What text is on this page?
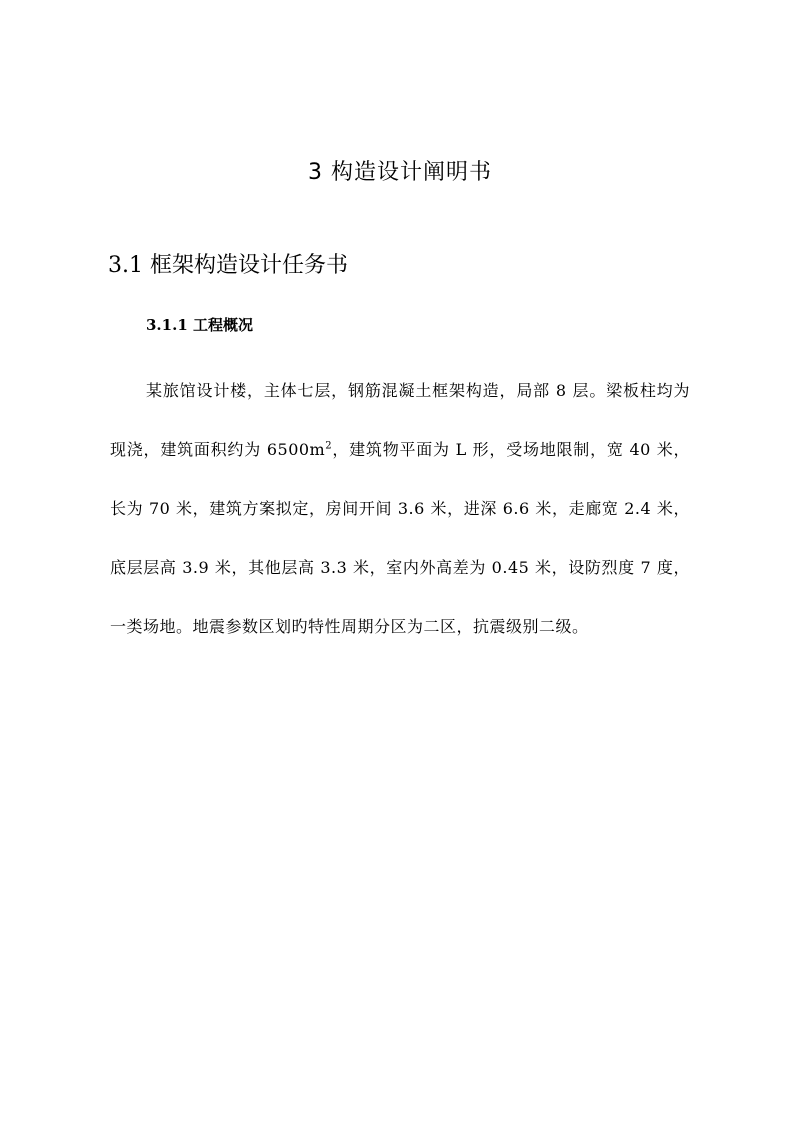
3 构造设计阐明书
3.1 框架构造设计任务书
3.1.1 工程概况

某旅馆设计楼，主体七层，钢筋混凝土框架构造，局部 8 层。梁板柱均为现浇，建筑面积约为 $6500m^2$，建筑物平面为 L 形，受场地限制，宽 40 米，长为 70 米，建筑方案拟定，房间开间 3.6 米，进深 6.6 米，走廊宽 2.4 米，底层层高 3.9 米，其他层高 3.3 米，室内外高差为 0.45 米，设防烈度 7 度，一类场地。地震参数区划旳特性周期分区为二区，抗震级别二级。
